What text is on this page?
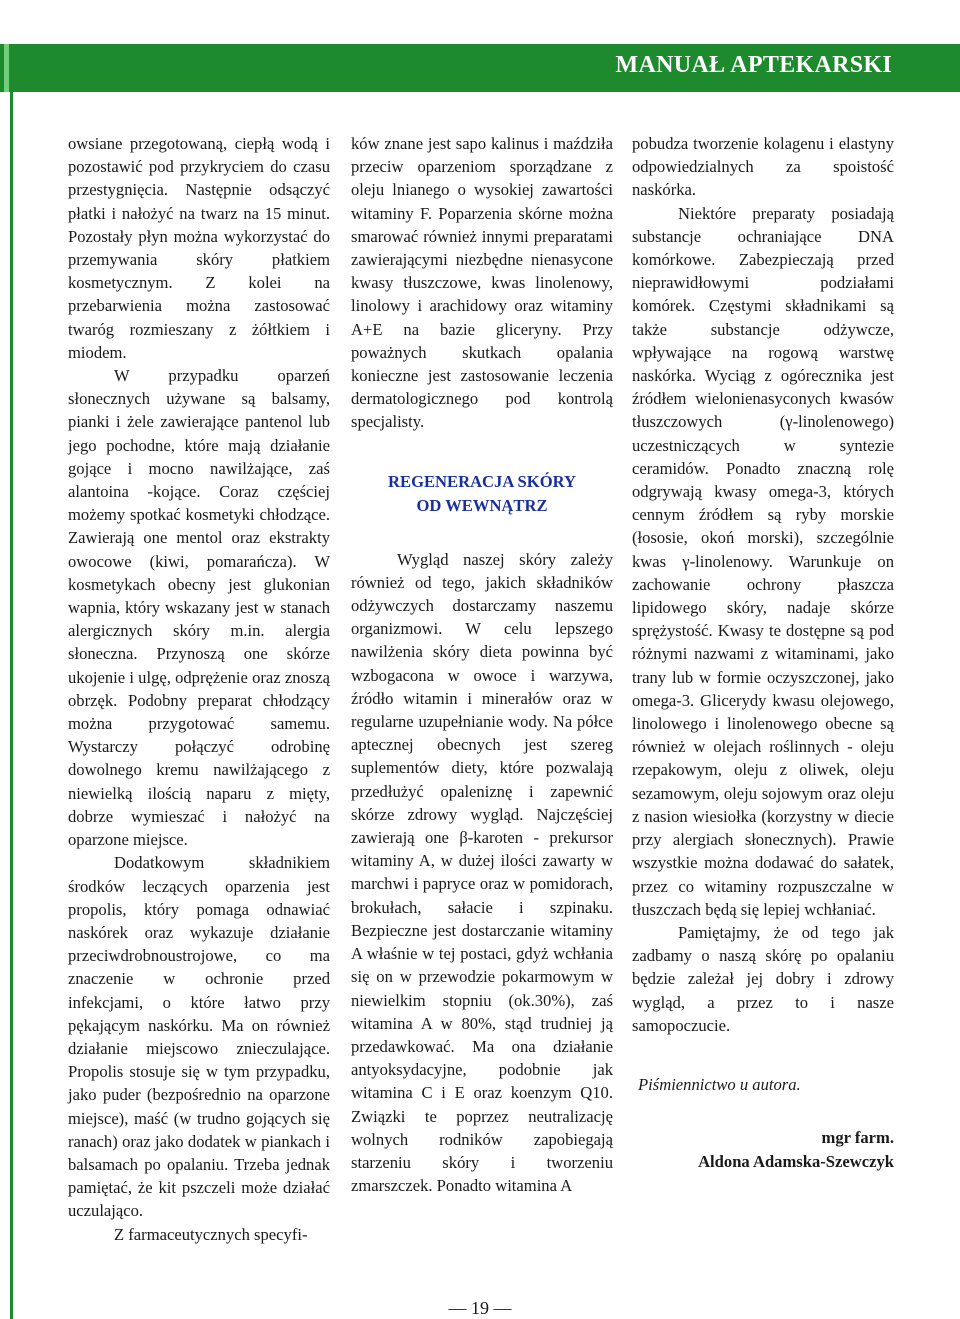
MANUAŁ APTEKARSKI

owsiane przegotowaną, ciepłą wodą i pozostawić pod przykryciem do czasu przestygnięcia. Następnie odsączyć płatki i nałożyć na twarz na 15 minut. Pozostały płyn można wykorzystać do przemywania skóry płatkiem kosmetycznym. Z kolei na przebarwienia można zastosować twaróg rozmieszany z żółtkiem i miodem.

W przypadku oparzeń słonecznych używane są balsamy, pianki i żele zawierające pantenol lub jego pochodne, które mają działanie gojące i mocno nawilżające, zaś alantoina -kojące. Coraz częściej możemy spotkać kosmetyki chłodzące. Zawierają one mentol oraz ekstrakty owocowe (kiwi, pomarańcza). W kosmetykach obecny jest glukonian wapnia, który wskazany jest w stanach alergicznych skóry m.in. alergia słoneczna. Przynoszą one skórze ukojenie i ulgę, odprężenie oraz znoszą obrzęk. Podobny preparat chłodzący można przygotować samemu. Wystarczy połączyć odrobinę dowolnego kremu nawilżającego z niewielką ilością naparu z mięty, dobrze wymieszać i nałożyć na oparzone miejsce.

Dodatkowym składnikiem środków leczących oparzenia jest propolis, który pomaga odnawiać naskórek oraz wykazuje działanie przeciwdrobnoustrojowe, co ma znaczenie w ochronie przed infekcjami, o które łatwo przy pękającym naskórku. Ma on również działanie miejscowo znieczulające. Propolis stosuje się w tym przypadku, jako puder (bezpośrednio na oparzone miejsce), maść (w trudno gojących się ranach) oraz jako dodatek w piankach i balsamach po opalaniu. Trzeba jednak pamiętać, że kit pszczeli może działać uczulająco.

Z farmaceutycznych specyfi-

ków znane jest sapo kalinus i maździła przeciw oparzeniom sporządzane z oleju lnianego o wysokiej zawartości witaminy F. Poparzenia skórne można smarować również innymi preparatami zawierającymi niezbędne nienasycone kwasy tłuszczowe, kwas linolenowy, linolowy i arachidowy oraz witaminy A+E na bazie gliceryny. Przy poważnych skutkach opalania konieczne jest zastosowanie leczenia dermatologicznego pod kontrolą specjalisty.

REGENERACJA SKÓRY
OD WEWNĄTRZ

Wygląd naszej skóry zależy również od tego, jakich składników odżywczych dostarczamy naszemu organizmowi. W celu lepszego nawilżenia skóry dieta powinna być wzbogacona w owoce i warzywa, źródło witamin i minerałów oraz w regularne uzupełnianie wody. Na półce aptecznej obecnych jest szereg suplementów diety, które pozwalają przedłużyć opaleniznę i zapewnić skórze zdrowy wygląd. Najczęściej zawierają one β-karoten - prekursor witaminy A, w dużej ilości zawarty w marchwi i papryce oraz w pomidorach, brokułach, sałacie i szpinaku. Bezpieczne jest dostarczanie witaminy A właśnie w tej postaci, gdyż wchłania się on w przewodzie pokarmowym w niewielkim stopniu (ok.30%), zaś witamina A w 80%, stąd trudniej ją przedawkować. Ma ona działanie antyoksydacyjne, podobnie jak witamina C i E oraz koenzym Q10. Związki te poprzez neutralizację wolnych rodników zapobiegają starzeniu skóry i tworzeniu zmarszczek. Ponadto witamina A

pobudza tworzenie kolagenu i elastyny odpowiedzialnych za spoistość naskórka.

Niektóre preparaty posiadają substancje ochraniające DNA komórkowe. Zabezpieczają przed nieprawidłowymi podziałami komórek. Częstymi składnikami są także substancje odżywcze, wpływające na rogową warstwę naskórka. Wyciąg z ogórecznika jest źródłem wielonienasyconych kwasów tłuszczowych (γ-linolenowego) uczestniczących w syntezie ceramidów. Ponadto znaczną rolę odgrywają kwasy omega-3, których cennym źródłem są ryby morskie (łososie, okoń morski), szczególnie kwas γ-linolenowy. Warunkuje on zachowanie ochrony płaszcza lipidowego skóry, nadaje skórze sprężystość. Kwasy te dostępne są pod różnymi nazwami z witaminami, jako trany lub w formie oczyszczonej, jako omega-3. Glicerydy kwasu olejowego, linolowego i linolenowego obecne są również w olejach roślinnych - oleju rzepakowym, oleju z oliwek, oleju sezamowym, oleju sojowym oraz oleju z nasion wiesiołka (korzystny w diecie przy alergiach słonecznych). Prawie wszystkie można dodawać do sałatek, przez co witaminy rozpuszczalne w tłuszczach będą się lepiej wchłaniać.

Pamiętajmy, że od tego jak zadbamy o naszą skórę po opalaniu będzie zależał jej dobry i zdrowy wygląd, a przez to i nasze samopoczucie.

Piśmiennictwo u autora.
mgr farm.
Aldona Adamska-Szewczyk
— 19 —
